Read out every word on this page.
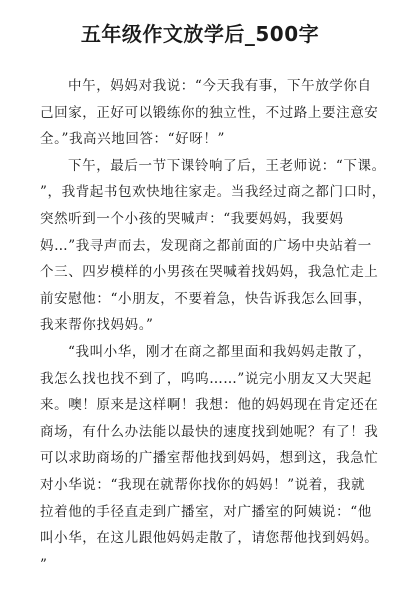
五年级作文放学后_500字
中午，妈妈对我说：“今天我有事，下午放学你自
己回家，正好可以锻练你的独立性，不过路上要注意安
全。”我高兴地回答：“好呀！”
下午，最后一节下课铃响了后，王老师说：“下课。
”，我背起书包欢快地往家走。当我经过商之都门口时，
突然听到一个小孩的哭喊声：“我要妈妈，我要妈
妈…”我寻声而去，发现商之都前面的广场中央站着一
个三、四岁模样的小男孩在哭喊着找妈妈，我急忙走上
前安慰他：“小朋友，不要着急，快告诉我怎么回事，
我来帮你找妈妈。”
“我叫小华，刚才在商之都里面和我妈妈走散了，
我怎么找也找不到了，呜呜……”说完小朋友又大哭起
来。噢！原来是这样啊！我想：他的妈妈现在肯定还在
商场，有什么办法能以最快的速度找到她呢？有了！我
可以求助商场的广播室帮他找到妈妈，想到这，我急忙
对小华说：“我现在就帮你找你的妈妈！”说着，我就
拉着他的手径直走到广播室，对广播室的阿姨说：“他
叫小华，在这儿跟他妈妈走散了，请您帮他找到妈妈。
”
